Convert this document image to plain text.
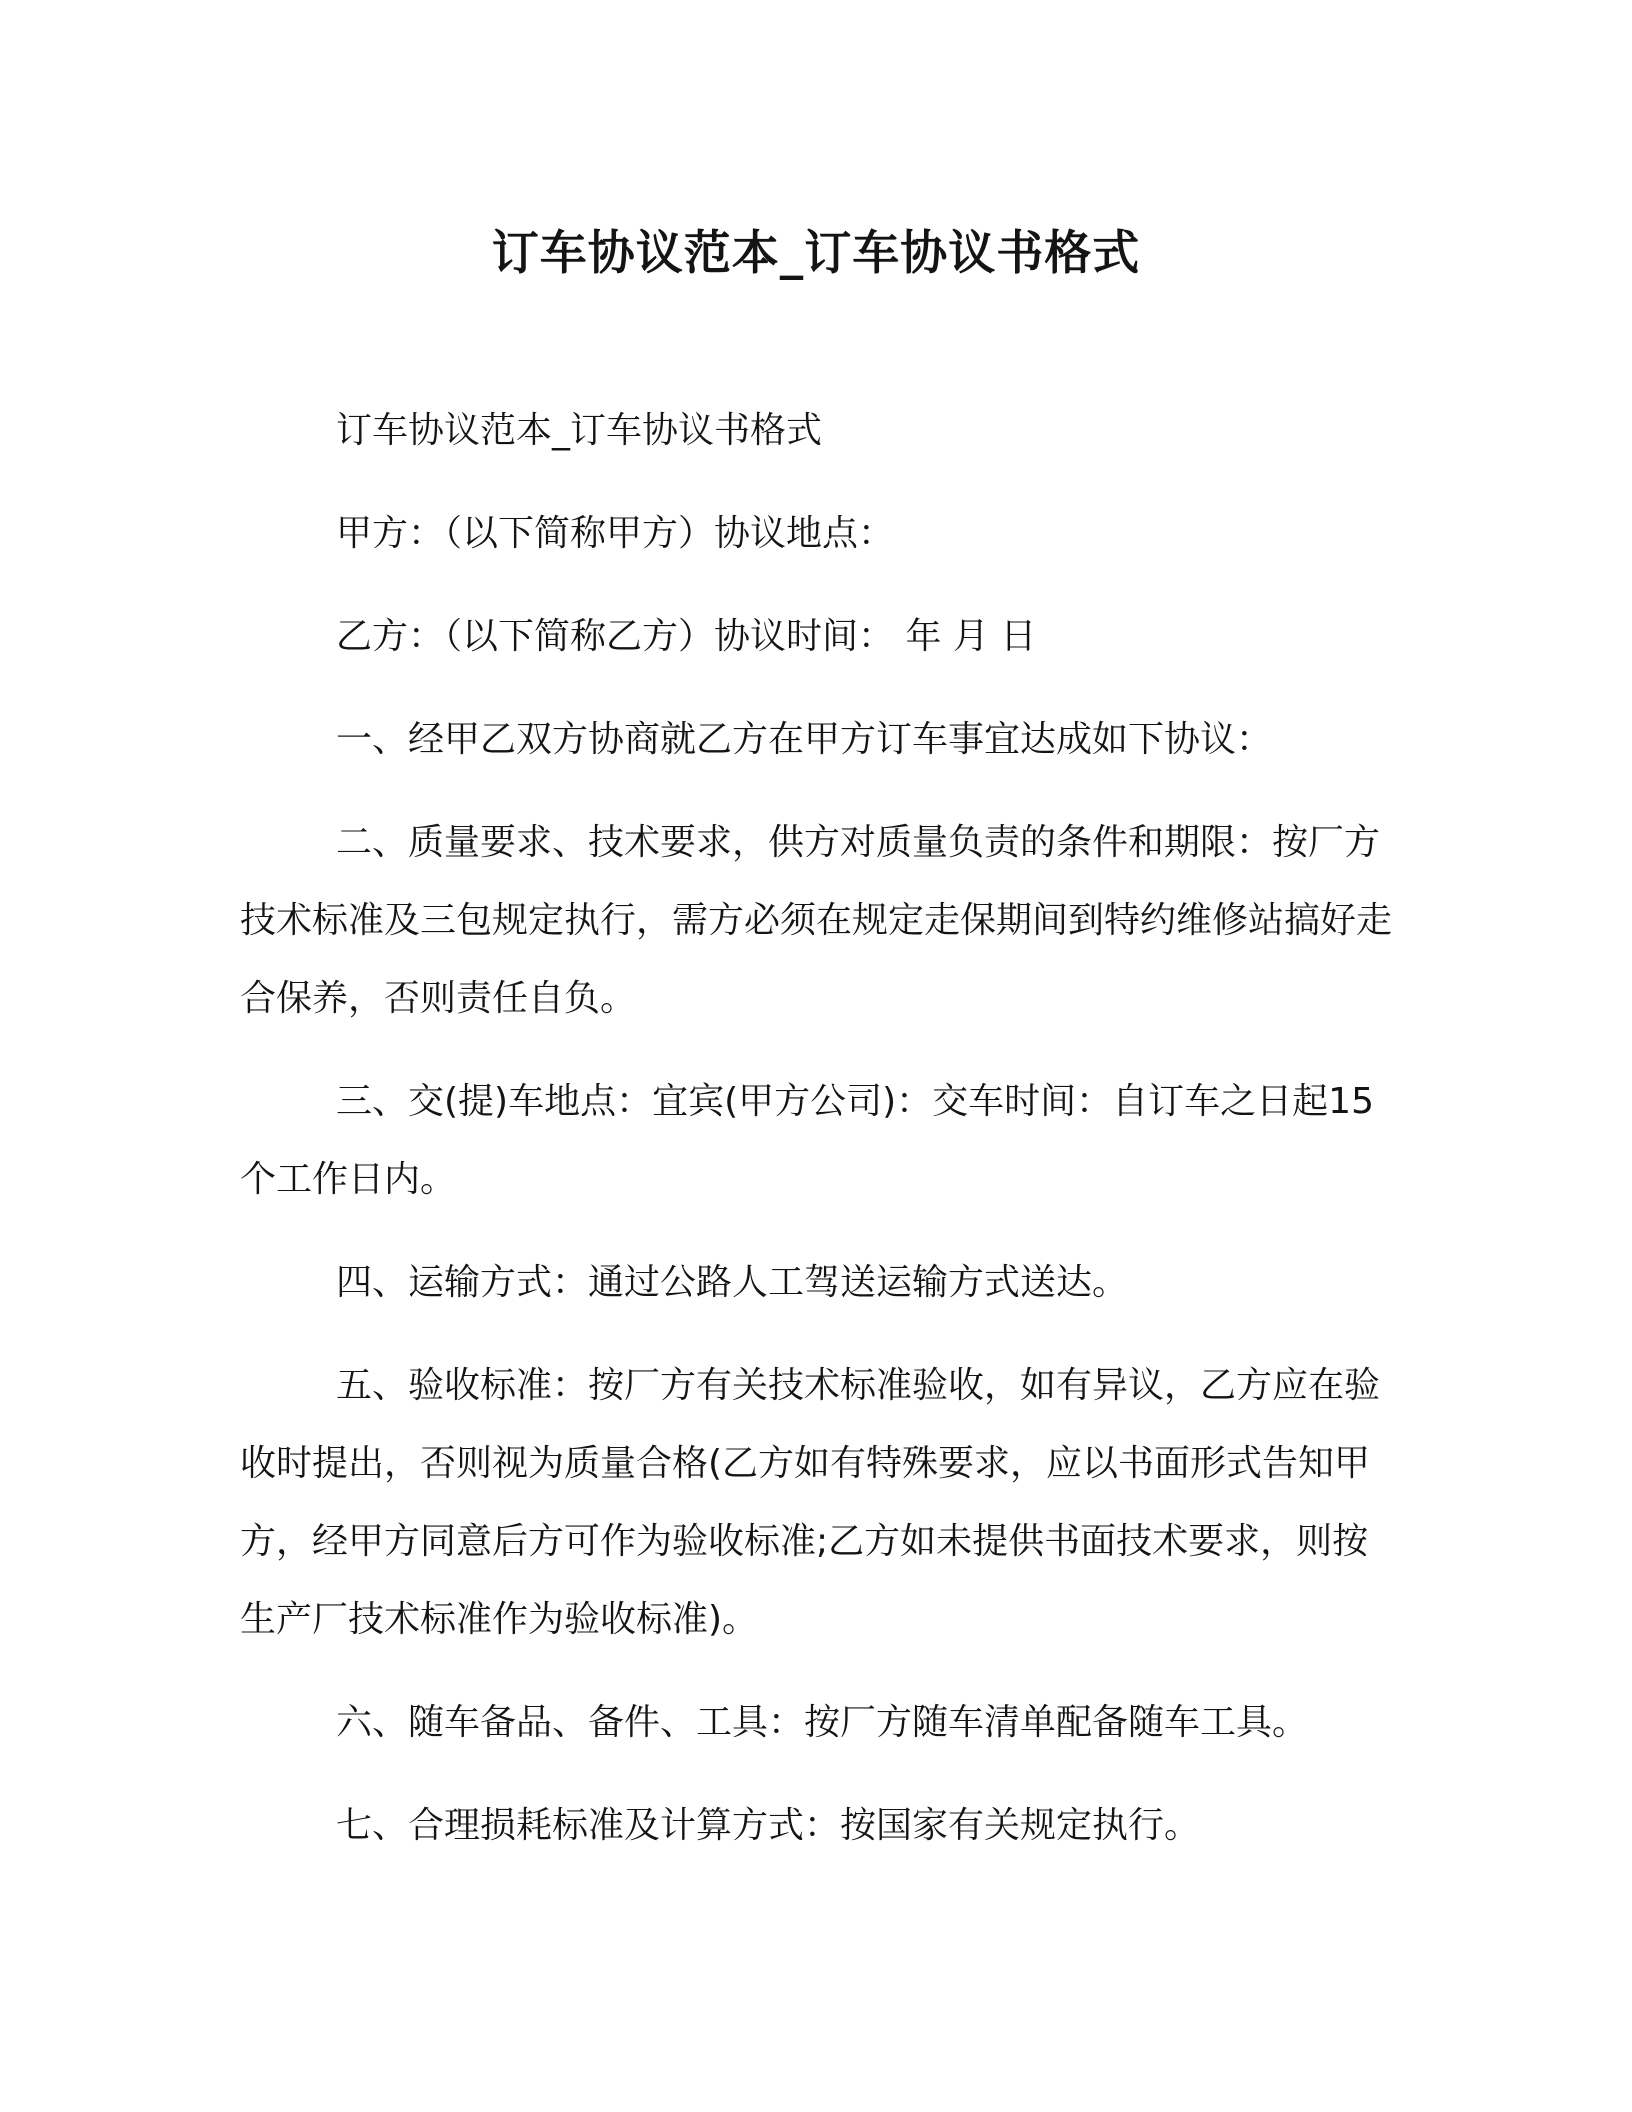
订车协议范本_订车协议书格式

订车协议范本_订车协议书格式

甲方：（以下简称甲方）协议地点：

乙方：（以下简称乙方）协议时间： 年 月 日

一、经甲乙双方协商就乙方在甲方订车事宜达成如下协议：

二、质量要求、技术要求，供方对质量负责的条件和期限：按厂方技术标准及三包规定执行，需方必须在规定走保期间到特约维修站搞好走合保养，否则责任自负。

三、交(提)车地点：宜宾(甲方公司)：交车时间：自订车之日起15 个工作日内。

四、运输方式：通过公路人工驾送运输方式送达。

五、验收标准：按厂方有关技术标准验收，如有异议，乙方应在验收时提出，否则视为质量合格(乙方如有特殊要求，应以书面形式告知甲方，经甲方同意后方可作为验收标准;乙方如未提供书面技术要求，则按生产厂技术标准作为验收标准)。

六、随车备品、备件、工具：按厂方随车清单配备随车工具。

七、合理损耗标准及计算方式：按国家有关规定执行。
